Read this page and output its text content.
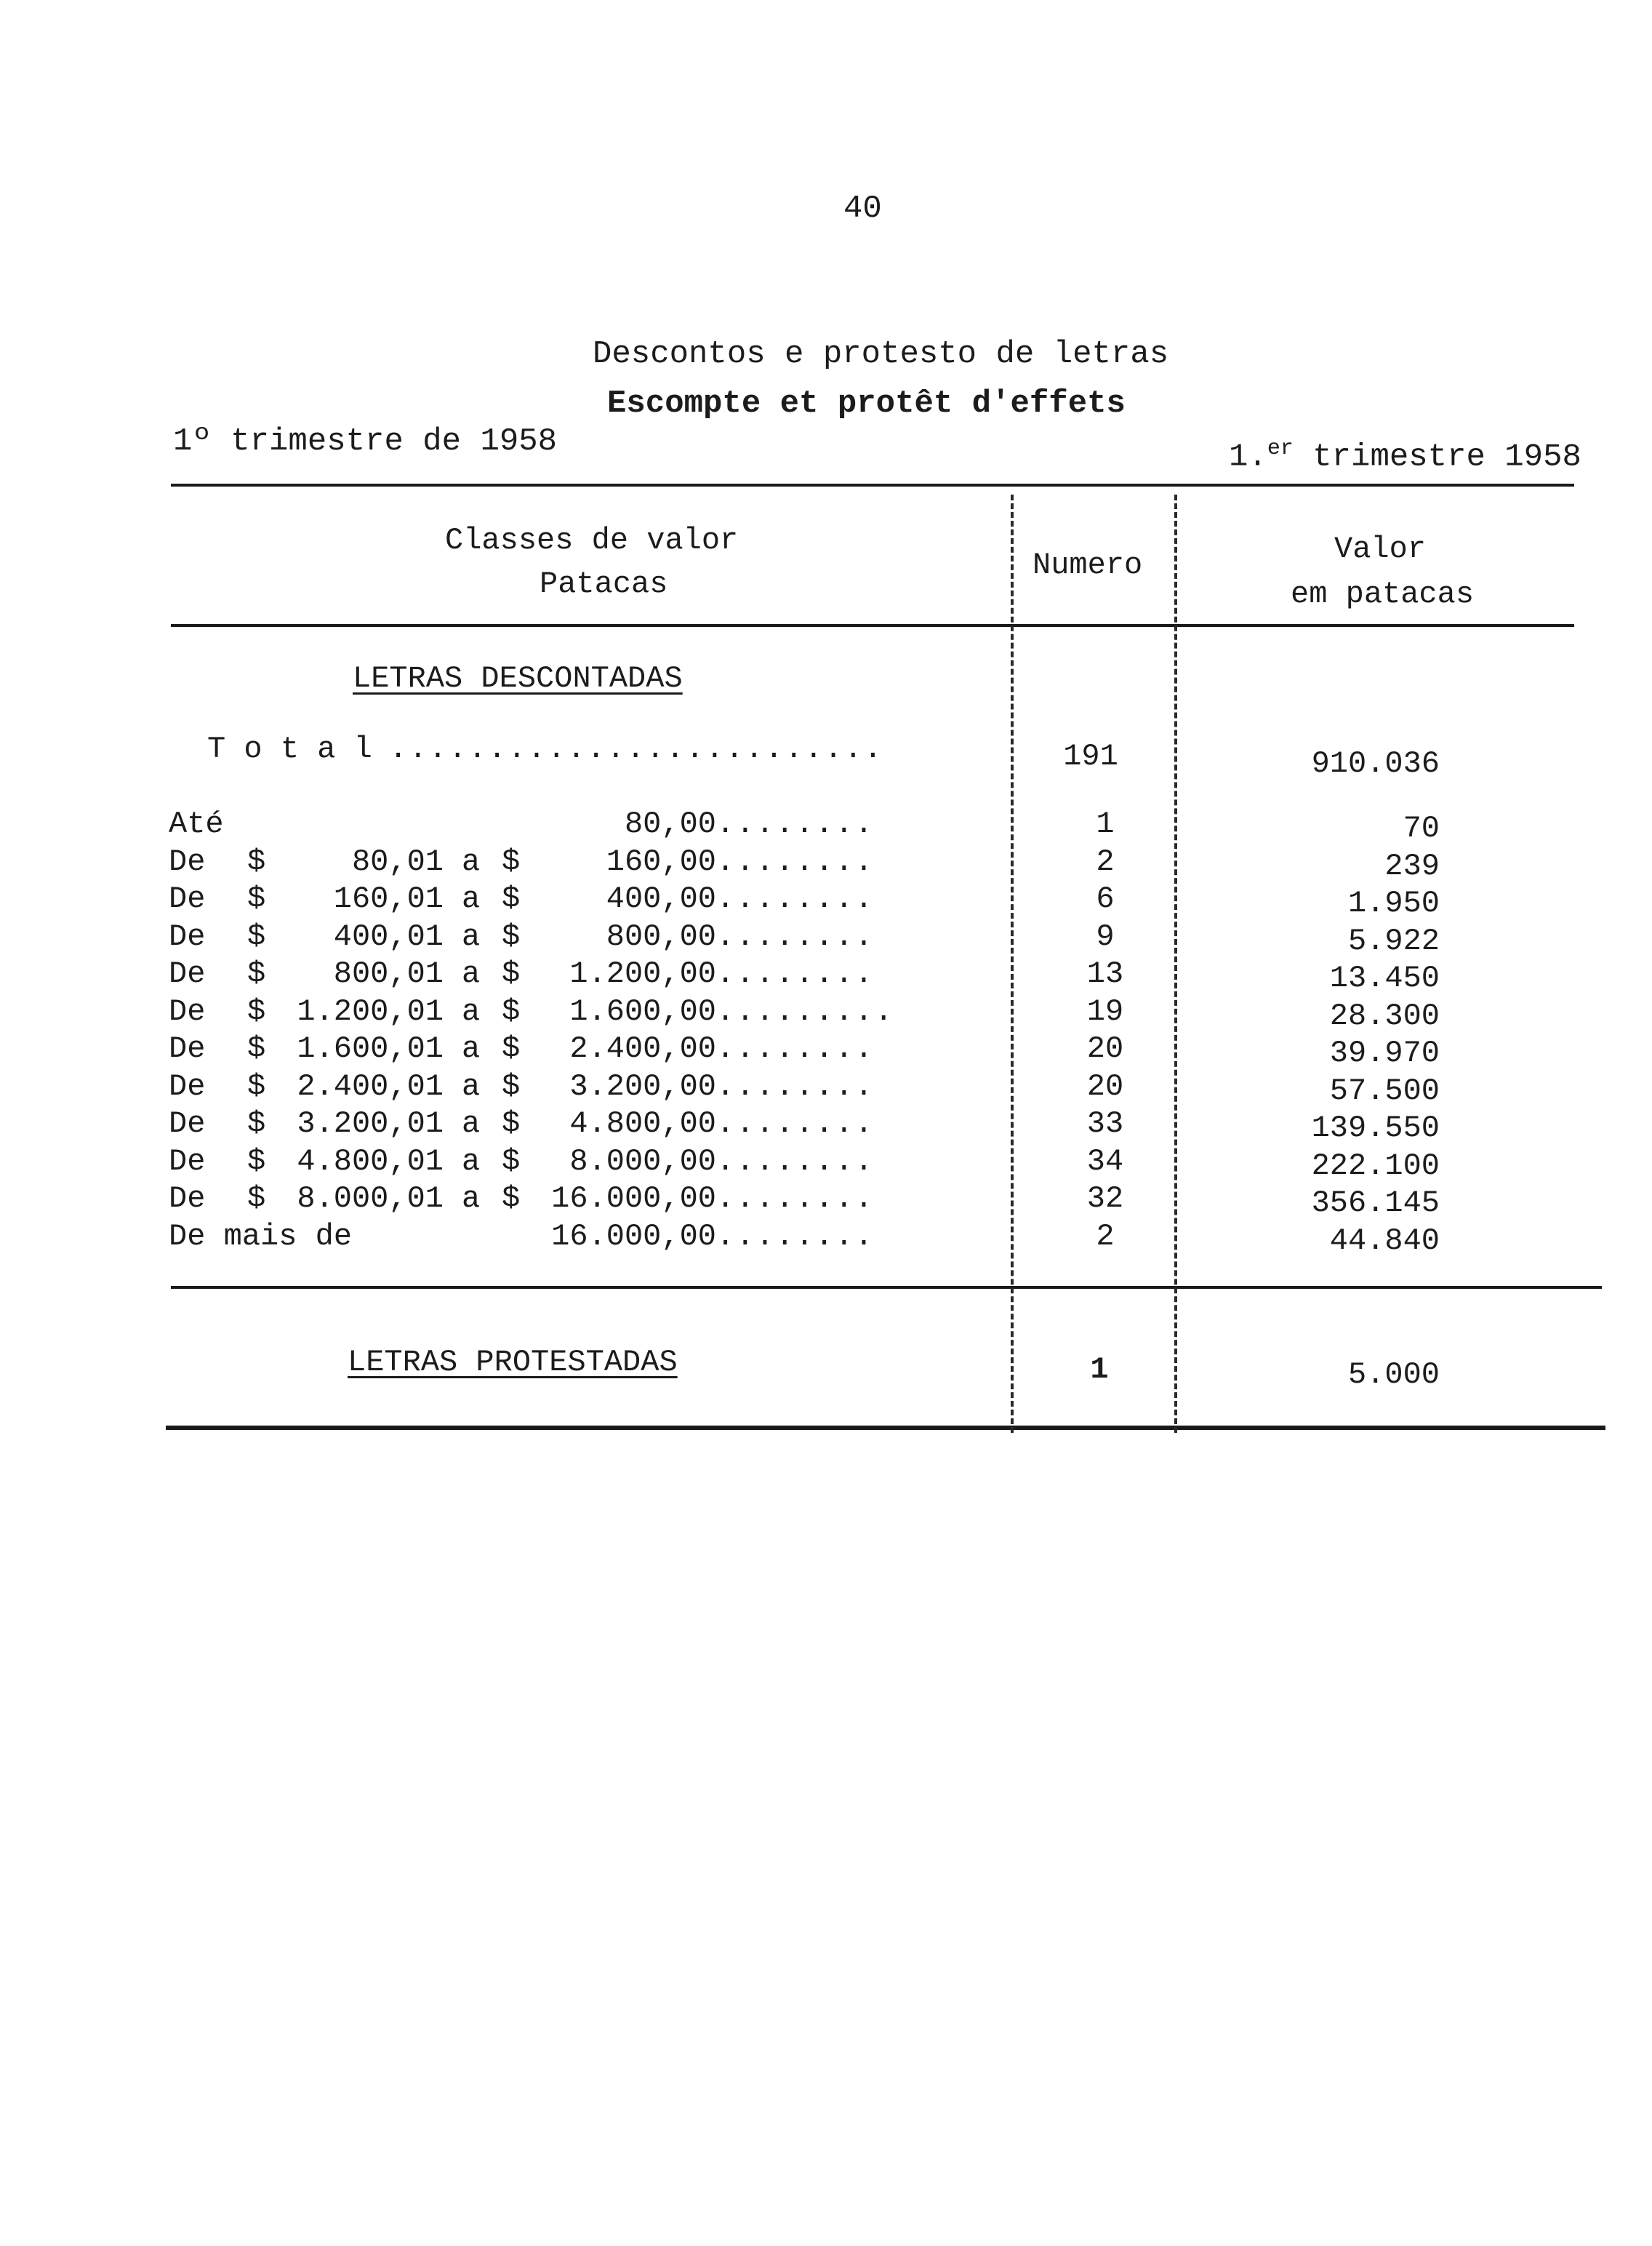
40
Descontos e protesto de letras
Escompte et protêt d'effets
1º trimestre de 1958	1.$^{er}$ trimestre 1958
Classes de valor
Patacas
Numero	Valor
em patacas
LETRAS DESCONTADAS
T o t a l .........................	191	910.036
Até	80,00 ........	1	70
De	$	80,01 a $	160,00 ........	2	239
De	$	160,01 a $	400,00 ........	6	1.950
De	$	400,01 a $	800,00 ........	9	5.922
De	$	800,01 a $	1.200,00 ........	13	13.450
De	$	1.200,01 a $	1.600,00 .........	19	28.300
De	$	1.600,01 a $	2.400,00 ........	20	39.970
De	$	2.400,01 a $	3.200,00 ........	20	57.500
De	$	3.200,01 a $	4.800,00 ........	33	139.550
De	$	4.800,01 a $	8.000,00 ........	34	222.100
De	$	8.000,01 a $	16.000,00 ........	32	356.145
De mais de	16.000,00 ........	2	44.840
LETRAS PROTESTADAS	1	5.000
